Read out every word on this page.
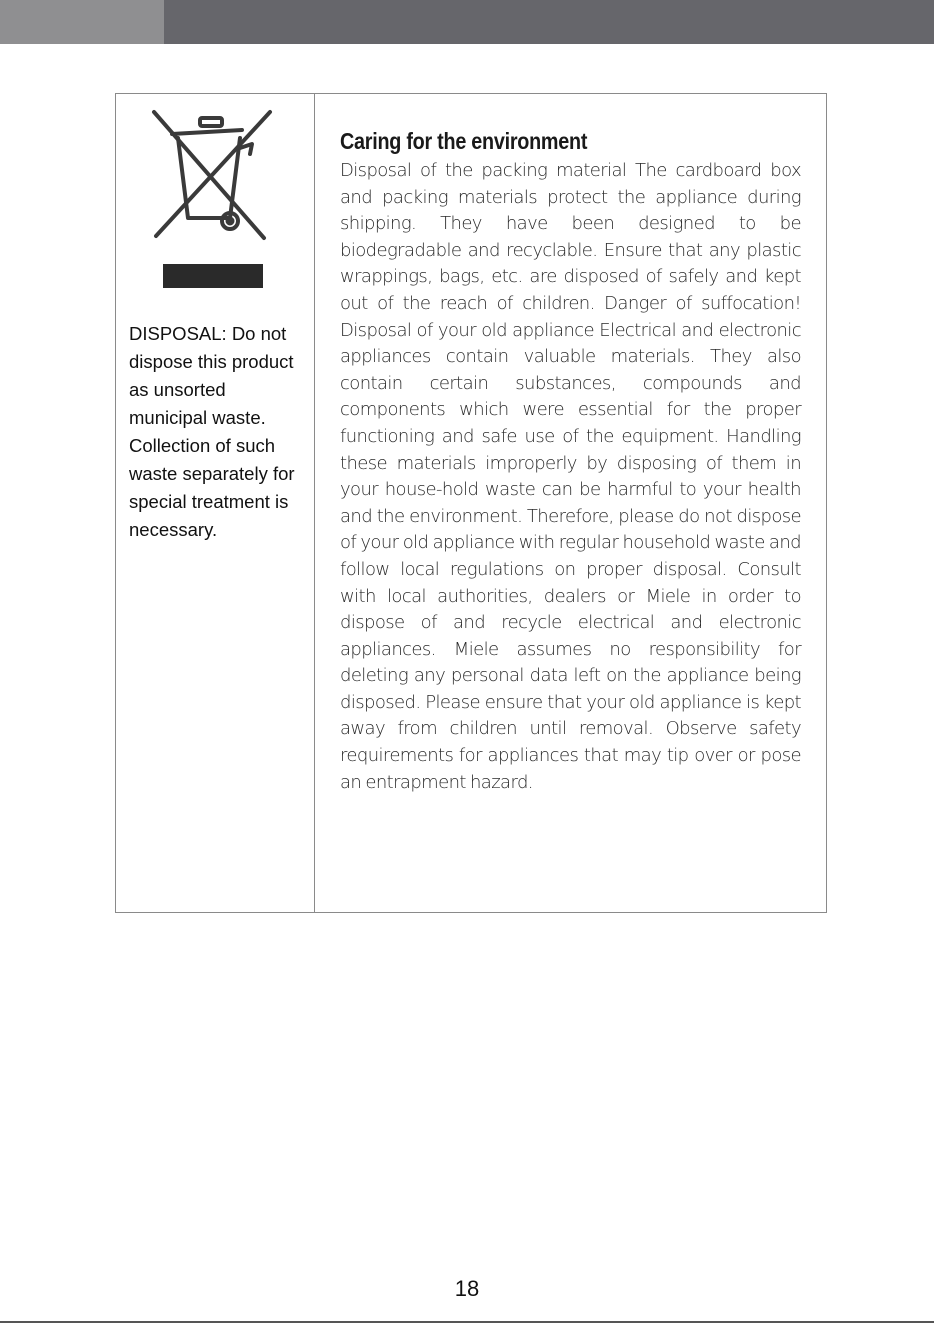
DISPOSAL: Do not dispose this product as unsorted municipal waste. Collection of such waste separately for special treatment is necessary.

Caring for the environment

Disposal of the packing material The cardboard box and packing materials protect the appliance during shipping. They have been designed to be biodegradable and recyclable. Ensure that any plastic wrappings, bags, etc. are disposed of safely and kept out of the reach of children. Danger of suffocation! Disposal of your old appliance Electrical and electronic appliances contain valuable materials. They also contain certain substances, compounds and components which were essential for the proper functioning and safe use of the equipment. Handling these materials improperly by disposing of them in your house-hold waste can be harmful to your health and the environment. Therefore, please do not dispose of your old appliance with regular household waste and follow local regulations on proper disposal. Consult with local authorities, dealers or Miele in order to dispose of and recycle electrical and electronic appliances. Miele assumes no responsibility for deleting any personal data left on the appliance being disposed. Please ensure that your old appliance is kept away from children until removal. Observe safety requirements for appliances that may tip over or pose an entrapment hazard.

18
